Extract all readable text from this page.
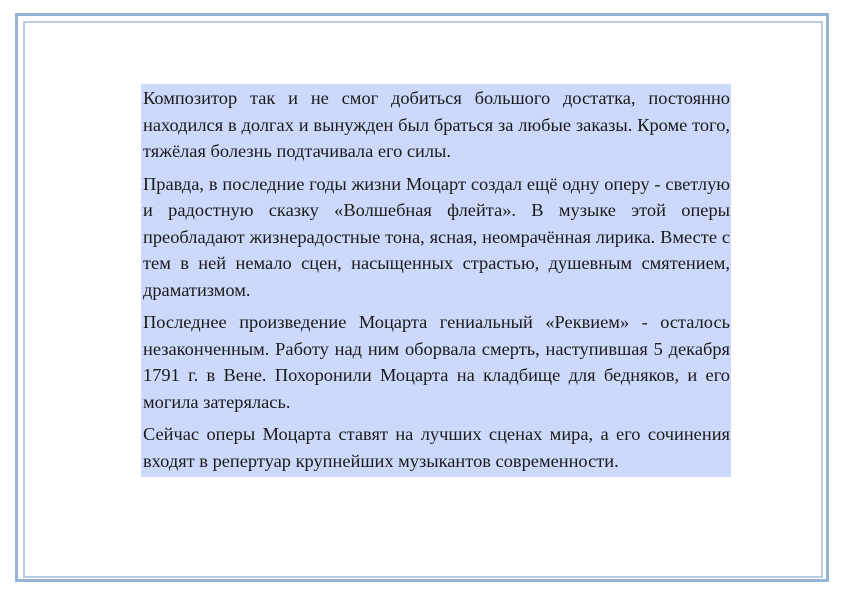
Композитор так и не смог добиться большого достатка, постоянно находился в долгах и вынужден был браться за любые заказы. Кроме того, тяжёлая болезнь подтачивала его силы.

Правда, в последние годы жизни Моцарт создал ещё одну оперу - светлую и радостную сказку «Волшебная флейта». В музыке этой оперы преобладают жизнерадостные тона, ясная, неомрачённая лирика. Вместе с тем в ней немало сцен, насыщенных страстью, душевным смятением, драматизмом.

Последнее произведение Моцарта гениальный «Реквием» - осталось незаконченным. Работу над ним оборвала смерть, наступившая 5 декабря 1791 г. в Вене. Похоронили Моцарта на кладбище для бедняков, и его могила затерялась.

Сейчас оперы Моцарта ставят на лучших сценах мира, а его сочинения входят в репертуар крупнейших музыкантов современности.
